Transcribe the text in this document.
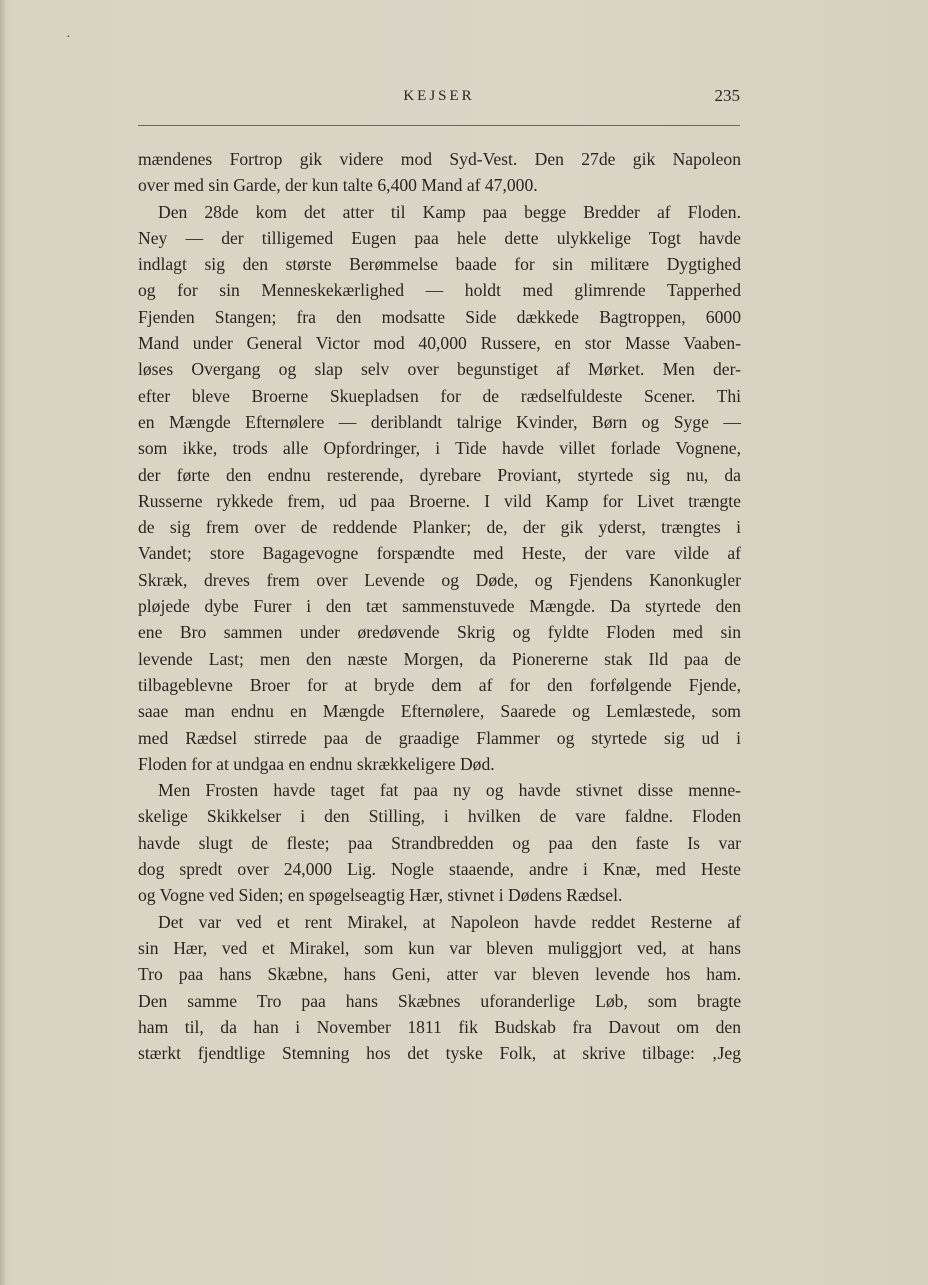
·
KEJSER	235
mændenes Fortrop gik videre mod Syd-Vest. Den 27de gik Napoleon
over med sin Garde, der kun talte 6,400 Mand af 47,000.
Den 28de kom det atter til Kamp paa begge Bredder af Floden.
Ney — der tilligemed Eugen paa hele dette ulykkelige Togt havde
indlagt sig den største Berømmelse baade for sin militære Dygtighed
og for sin Menneskekærlighed — holdt med glimrende Tapperhed
Fjenden Stangen; fra den modsatte Side dækkede Bagtroppen, 6000
Mand under General Victor mod 40,000 Russere, en stor Masse Vaaben-
løses Overgang og slap selv over begunstiget af Mørket. Men der-
efter bleve Broerne Skuepladsen for de rædselfuldeste Scener. Thi
en Mængde Efternølere — deriblandt talrige Kvinder, Børn og Syge —
som ikke, trods alle Opfordringer, i Tide havde villet forlade Vognene,
der førte den endnu resterende, dyrebare Proviant, styrtede sig nu, da
Russerne rykkede frem, ud paa Broerne. I vild Kamp for Livet trængte
de sig frem over de reddende Planker; de, der gik yderst, trængtes i
Vandet; store Bagagevogne forspændte med Heste, der vare vilde af
Skræk, dreves frem over Levende og Døde, og Fjendens Kanonkugler
pløjede dybe Furer i den tæt sammenstuvede Mængde. Da styrtede den
ene Bro sammen under øredøvende Skrig og fyldte Floden med sin
levende Last; men den næste Morgen, da Pionererne stak Ild paa de
tilbageblevne Broer for at bryde dem af for den forfølgende Fjende,
saae man endnu en Mængde Efternølere, Saarede og Lemlæstede, som
med Rædsel stirrede paa de graadige Flammer og styrtede sig ud i
Floden for at undgaa en endnu skrækkeligere Død.
Men Frosten havde taget fat paa ny og havde stivnet disse menne-
skelige Skikkelser i den Stilling, i hvilken de vare faldne. Floden
havde slugt de fleste; paa Strandbredden og paa den faste Is var
dog spredt over 24,000 Lig. Nogle staaende, andre i Knæ, med Heste
og Vogne ved Siden; en spøgelseagtig Hær, stivnet i Dødens Rædsel.
Det var ved et rent Mirakel, at Napoleon havde reddet Resterne af
sin Hær, ved et Mirakel, som kun var bleven muliggjort ved, at hans
Tro paa hans Skæbne, hans Geni, atter var bleven levende hos ham.
Den samme Tro paa hans Skæbnes uforanderlige Løb, som bragte
ham til, da han i November 1811 fik Budskab fra Davout om den
stærkt fjendtlige Stemning hos det tyske Folk, at skrive tilbage: ‚Jeg
